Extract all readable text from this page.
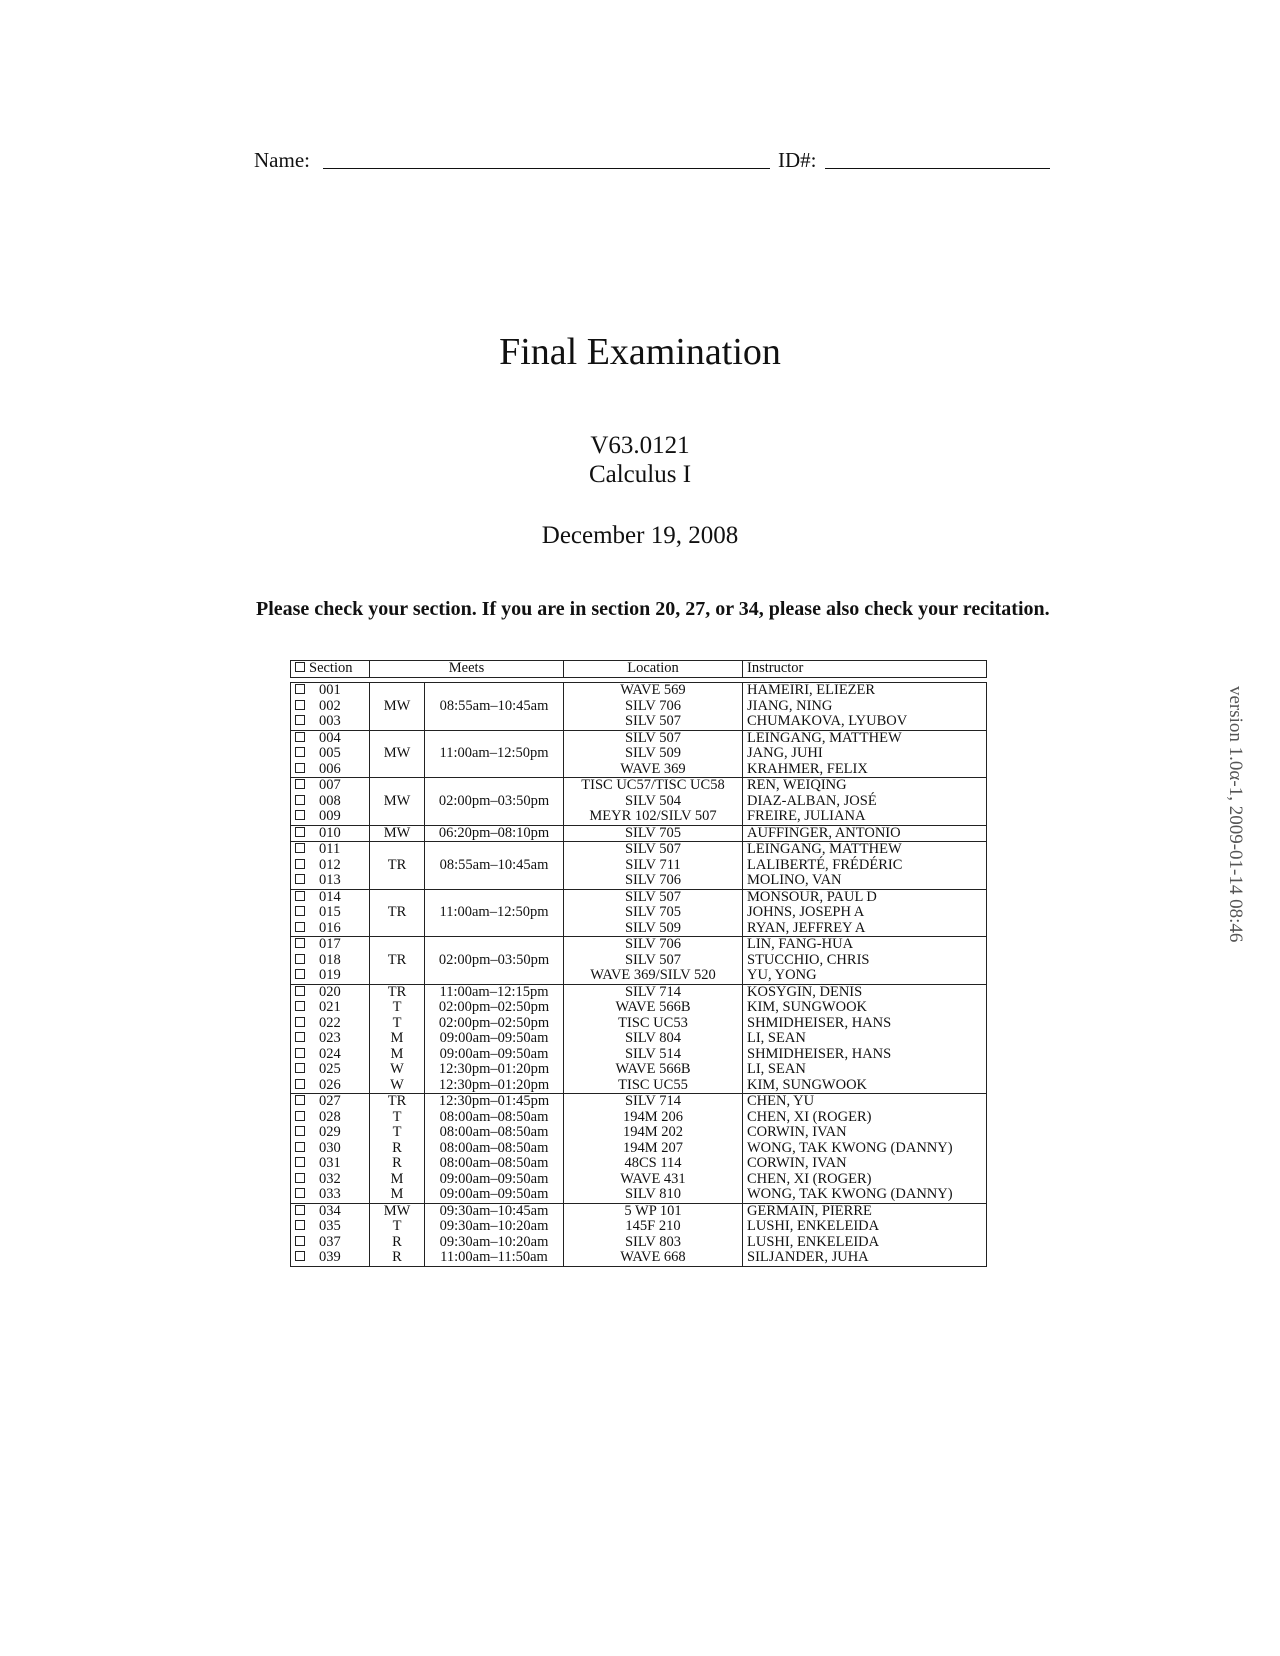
Name:	ID#:
Final Examination
V63.0121
Calculus I
December 19, 2008
Please check your section. If you are in section 20, 27, or 34, please also check your recitation.
version 1.0α-1, 2009-01-14 08:46
Section	Meets		Location	Instructor

001	MW	08:55am–10:45am	WAVE 569	HAMEIRI, ELIEZER
002			SILV 706	JIANG, NING
003			SILV 507	CHUMAKOVA, LYUBOV
004	MW	11:00am–12:50pm	SILV 507	LEINGANG, MATTHEW
005			SILV 509	JANG, JUHI
006			WAVE 369	KRAHMER, FELIX
007	MW	02:00pm–03:50pm	TISC UC57/TISC UC58	REN, WEIQING
008			SILV 504	DIAZ-ALBAN, JOSÉ
009			MEYR 102/SILV 507	FREIRE, JULIANA
010	MW	06:20pm–08:10pm	SILV 705	AUFFINGER, ANTONIO
011	TR	08:55am–10:45am	SILV 507	LEINGANG, MATTHEW
012			SILV 711	LALIBERTÉ, FRÉDÉRIC
013			SILV 706	MOLINO, VAN
014	TR	11:00am–12:50pm	SILV 507	MONSOUR, PAUL D
015			SILV 705	JOHNS, JOSEPH A
016			SILV 509	RYAN, JEFFREY A
017	TR	02:00pm–03:50pm	SILV 706	LIN, FANG-HUA
018			SILV 507	STUCCHIO, CHRIS
019			WAVE 369/SILV 520	YU, YONG
020	TR	11:00am–12:15pm	SILV 714	KOSYGIN, DENIS
021	T	02:00pm–02:50pm	WAVE 566B	KIM, SUNGWOOK
022	T	02:00pm–02:50pm	TISC UC53	SHMIDHEISER, HANS
023	M	09:00am–09:50am	SILV 804	LI, SEAN
024	M	09:00am–09:50am	SILV 514	SHMIDHEISER, HANS
025	W	12:30pm–01:20pm	WAVE 566B	LI, SEAN
026	W	12:30pm–01:20pm	TISC UC55	KIM, SUNGWOOK
027	TR	12:30pm–01:45pm	SILV 714	CHEN, YU
028	T	08:00am–08:50am	194M 206	CHEN, XI (ROGER)
029	T	08:00am–08:50am	194M 202	CORWIN, IVAN
030	R	08:00am–08:50am	194M 207	WONG, TAK KWONG (DANNY)
031	R	08:00am–08:50am	48CS 114	CORWIN, IVAN
032	M	09:00am–09:50am	WAVE 431	CHEN, XI (ROGER)
033	M	09:00am–09:50am	SILV 810	WONG, TAK KWONG (DANNY)
034	MW	09:30am–10:45am	5 WP 101	GERMAIN, PIERRE
035	T	09:30am–10:20am	145F 210	LUSHI, ENKELEIDA
037	R	09:30am–10:20am	SILV 803	LUSHI, ENKELEIDA
039	R	11:00am–11:50am	WAVE 668	SILJANDER, JUHA
